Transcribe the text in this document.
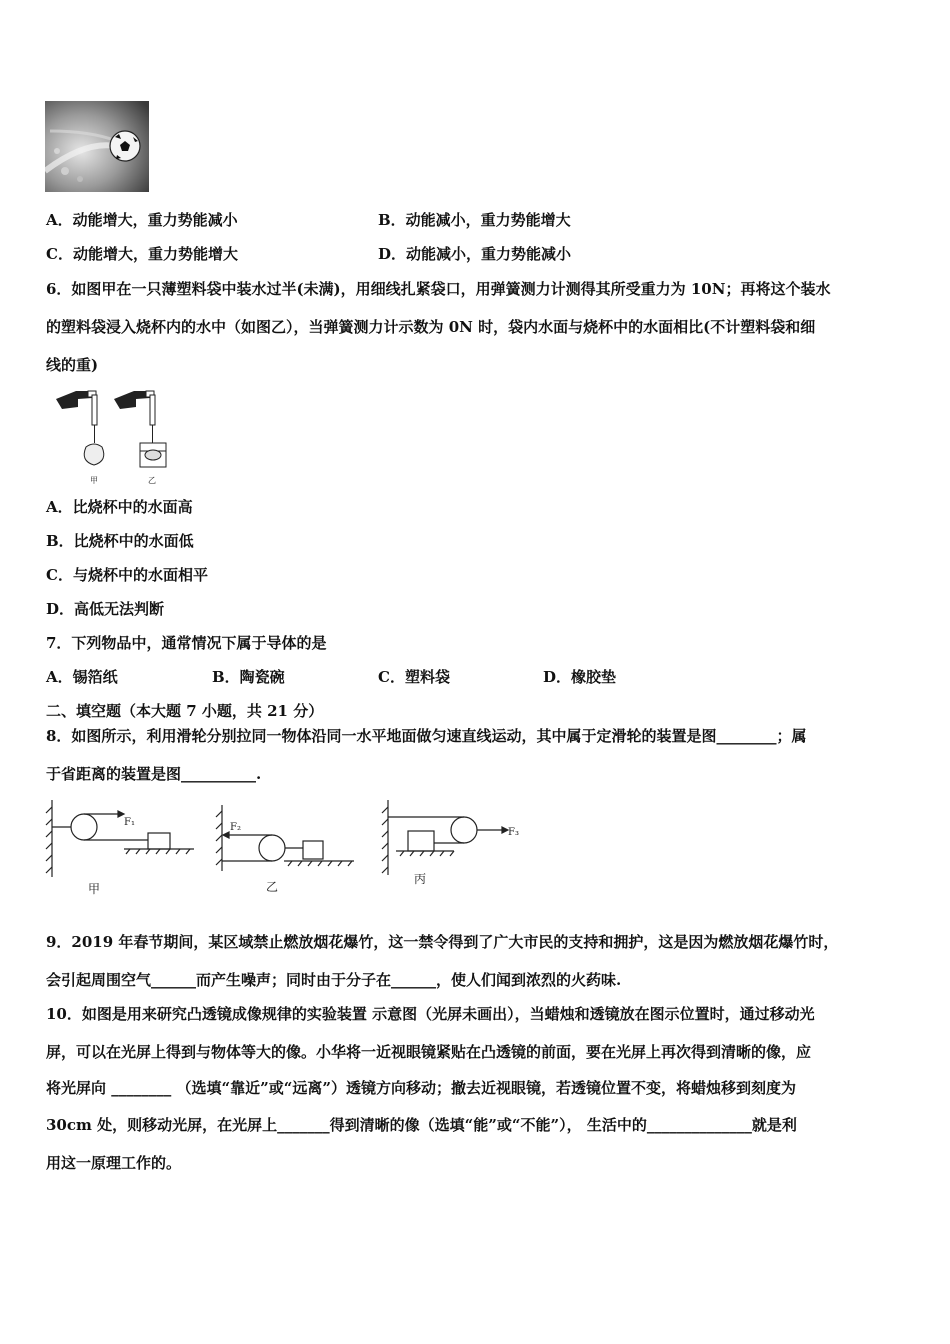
A．动能增大，重力势能减小	B．动能减小，重力势能增大
C．动能增大，重力势能增大	D．动能减小，重力势能减小
6．如图甲在一只薄塑料袋中装水过半(未满)，用细线扎紧袋口，用弹簧测力计测得其所受重力为 10N；再将这个装水
的塑料袋浸入烧杯内的水中（如图乙），当弹簧测力计示数为 0N 时，袋内水面与烧杯中的水面相比(不计塑料袋和细
线的重)
甲	乙
A．比烧杯中的水面高
B．比烧杯中的水面低
C．与烧杯中的水面相平
D．高低无法判断
7．下列物品中，通常情况下属于导体的是
A．锡箔纸	B．陶瓷碗	C．塑料袋	D．橡胶垫
二、填空题（本大题 7 小题，共 21 分）
8．如图所示，利用滑轮分别拉同一物体沿同一水平地面做匀速直线运动，其中属于定滑轮的装置是图________；属
于省距离的装置是图__________.
F₁	F₂	F₃
甲	乙
丙
9．2019 年春节期间，某区域禁止燃放烟花爆竹，这一禁令得到了广大市民的支持和拥护，这是因为燃放烟花爆竹时，
会引起周围空气______而产生噪声；同时由于分子在______，使人们闻到浓烈的火药味.
10．如图是用来研究凸透镜成像规律的实验装置 示意图（光屏未画出），当蜡烛和透镜放在图示位置时，通过移动光
屏，可以在光屏上得到与物体等大的像。小华将一近视眼镜紧贴在凸透镜的前面，要在光屏上再次得到清晰的像，应
将光屏向 ________ （选填“靠近”或“远离”）透镜方向移动；撤去近视眼镜，若透镜位置不变，将蜡烛移到刻度为
30cm 处，则移动光屏，在光屏上_______得到清晰的像（选填“能”或“不能”）， 生活中的______________就是利
用这一原理工作的。
